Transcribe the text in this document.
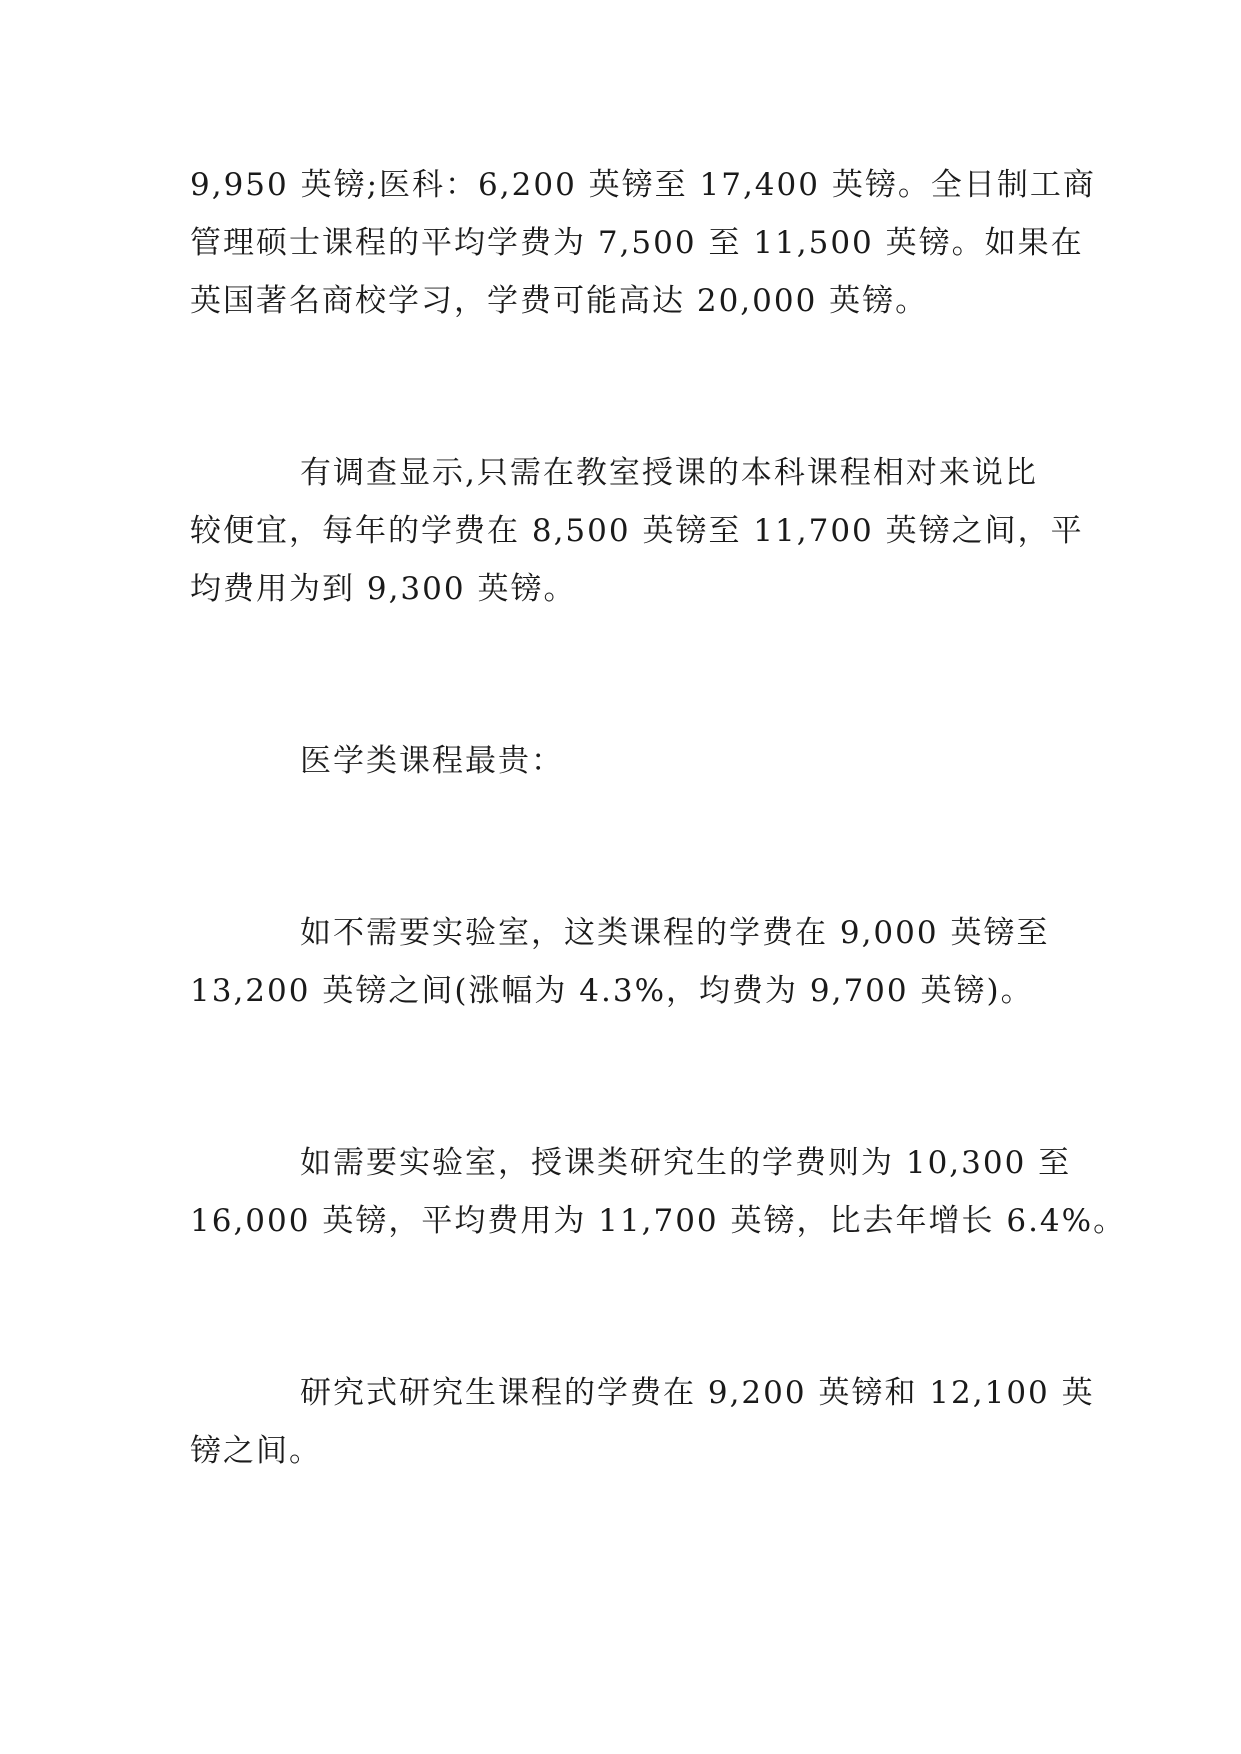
9,950 英镑;医科：6,200 英镑至 17,400 英镑。全日制工商
管理硕士课程的平均学费为 7,500 至 11,500 英镑。如果在
英国著名商校学习，学费可能高达 20,000 英镑。
有调查显示,只需在教室授课的本科课程相对来说比
较便宜，每年的学费在 8,500 英镑至 11,700 英镑之间，平
均费用为到 9,300 英镑。
医学类课程最贵：
如不需要实验室，这类课程的学费在 9,000 英镑至
13,200 英镑之间(涨幅为 4.3%，均费为 9,700 英镑)。
如需要实验室，授课类研究生的学费则为 10,300 至
16,000 英镑，平均费用为 11,700 英镑，比去年增长 6.4%。
研究式研究生课程的学费在 9,200 英镑和 12,100 英
镑之间。
